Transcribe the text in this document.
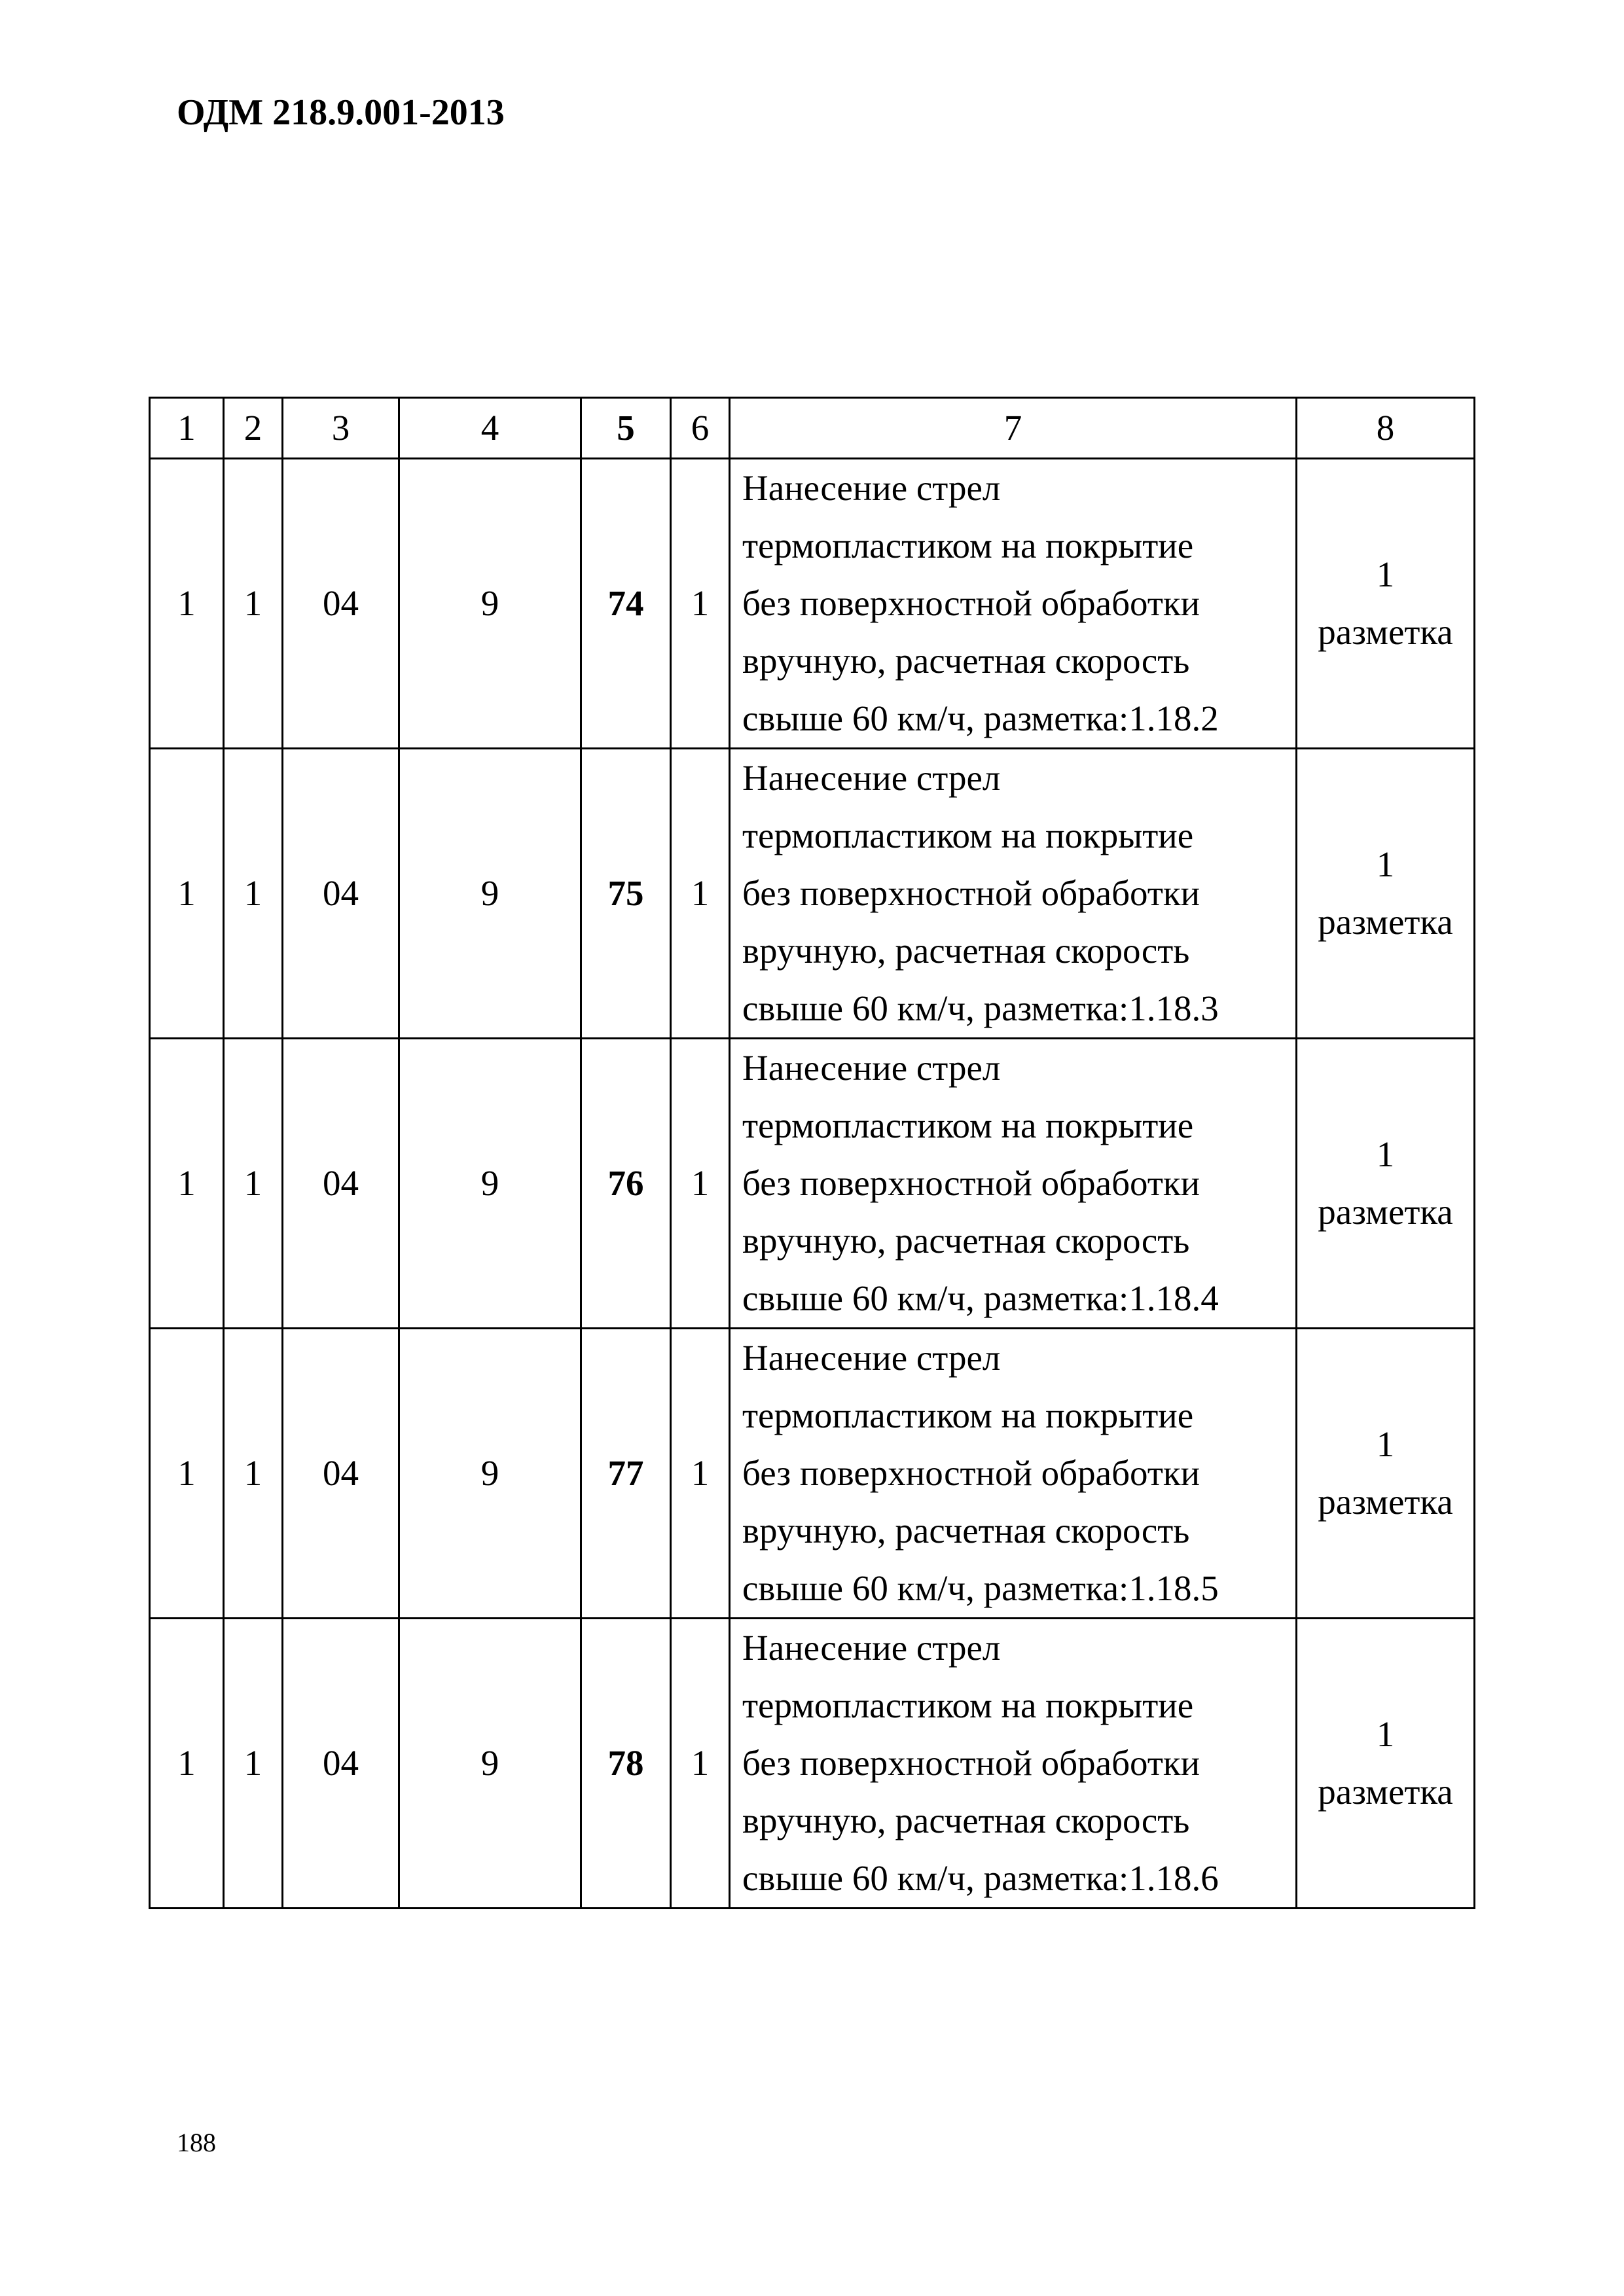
ОДМ 218.9.001-2013
1	2	3	4	5	6	7	8
1	1	04	9	74	1	Нанесение стрел
термопластиком на покрытие
без поверхностной обработки
вручную, расчетная скорость
свыше 60 км/ч, разметка:1.18.2	1
разметка

1	1	04	9	75	1	Нанесение стрел
термопластиком на покрытие
без поверхностной обработки
вручную, расчетная скорость
свыше 60 км/ч, разметка:1.18.3	1
разметка

1	1	04	9	76	1	Нанесение стрел
термопластиком на покрытие
без поверхностной обработки
вручную, расчетная скорость
свыше 60 км/ч, разметка:1.18.4	1
разметка

1	1	04	9	77	1	Нанесение стрел
термопластиком на покрытие
без поверхностной обработки
вручную, расчетная скорость
свыше 60 км/ч, разметка:1.18.5	1
разметка

1	1	04	9	78	1	Нанесение стрел
термопластиком на покрытие
без поверхностной обработки
вручную, расчетная скорость
свыше 60 км/ч, разметка:1.18.6	1
разметка
188
